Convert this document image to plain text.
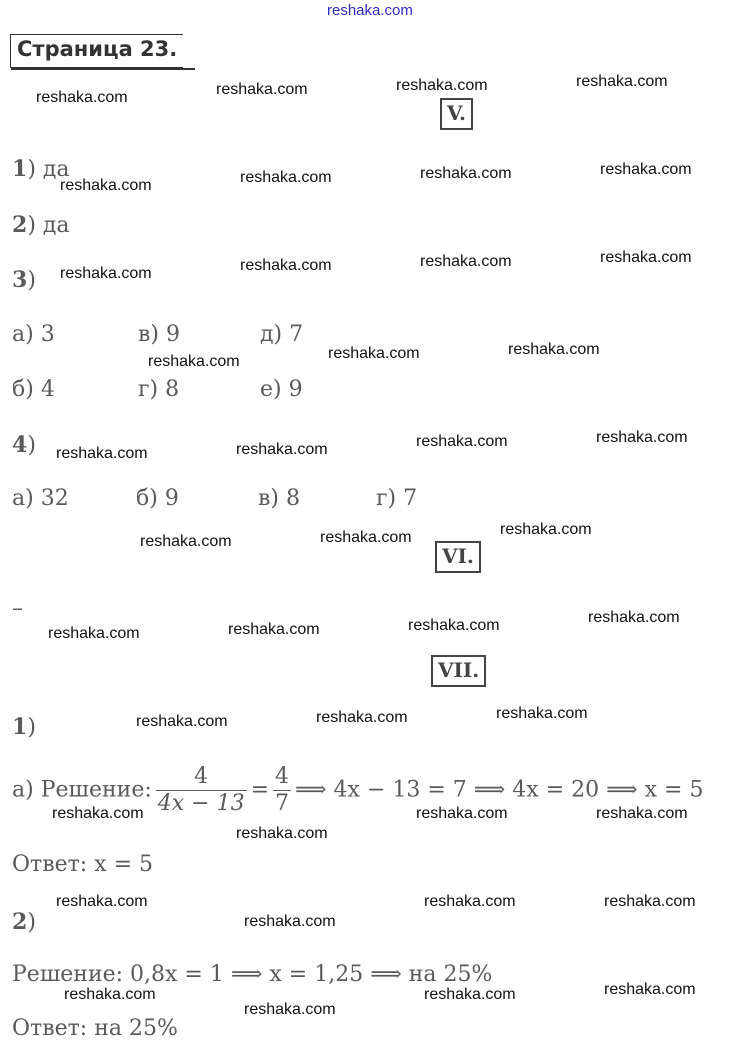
reshaka.com
Страница 23.
V.
1) да
2) да
3)
а) 3	в) 9	д) 7
б) 4	г) 8	е) 9
4)
а) 32	б) 9	в) 8	г) 7
VI.
–
VII.
1)
а) Решение: $\frac{4}{4x - 13} = \frac{4}{7}$ ⟹ 4x − 13 = 7 ⟹ 4x = 20 ⟹ x = 5
Ответ: x = 5
2)
Решение: 0,8x = 1 ⟹ x = 1,25 ⟹ на 25%
Ответ: на 25%
reshaka.com	reshaka.com	reshaka.com	reshaka.com
reshaka.com	reshaka.com	reshaka.com	reshaka.com
reshaka.com	reshaka.com	reshaka.com	reshaka.com
reshaka.com	reshaka.com	reshaka.com
reshaka.com	reshaka.com	reshaka.com	reshaka.com
reshaka.com	reshaka.com	reshaka.com
reshaka.com	reshaka.com	reshaka.com	reshaka.com
reshaka.com	reshaka.com	reshaka.com
reshaka.com
reshaka.com
reshaka.com	reshaka.com
reshaka.com
reshaka.com
reshaka.com	reshaka.com
reshaka.com
reshaka.com
reshaka.com	reshaka.com
